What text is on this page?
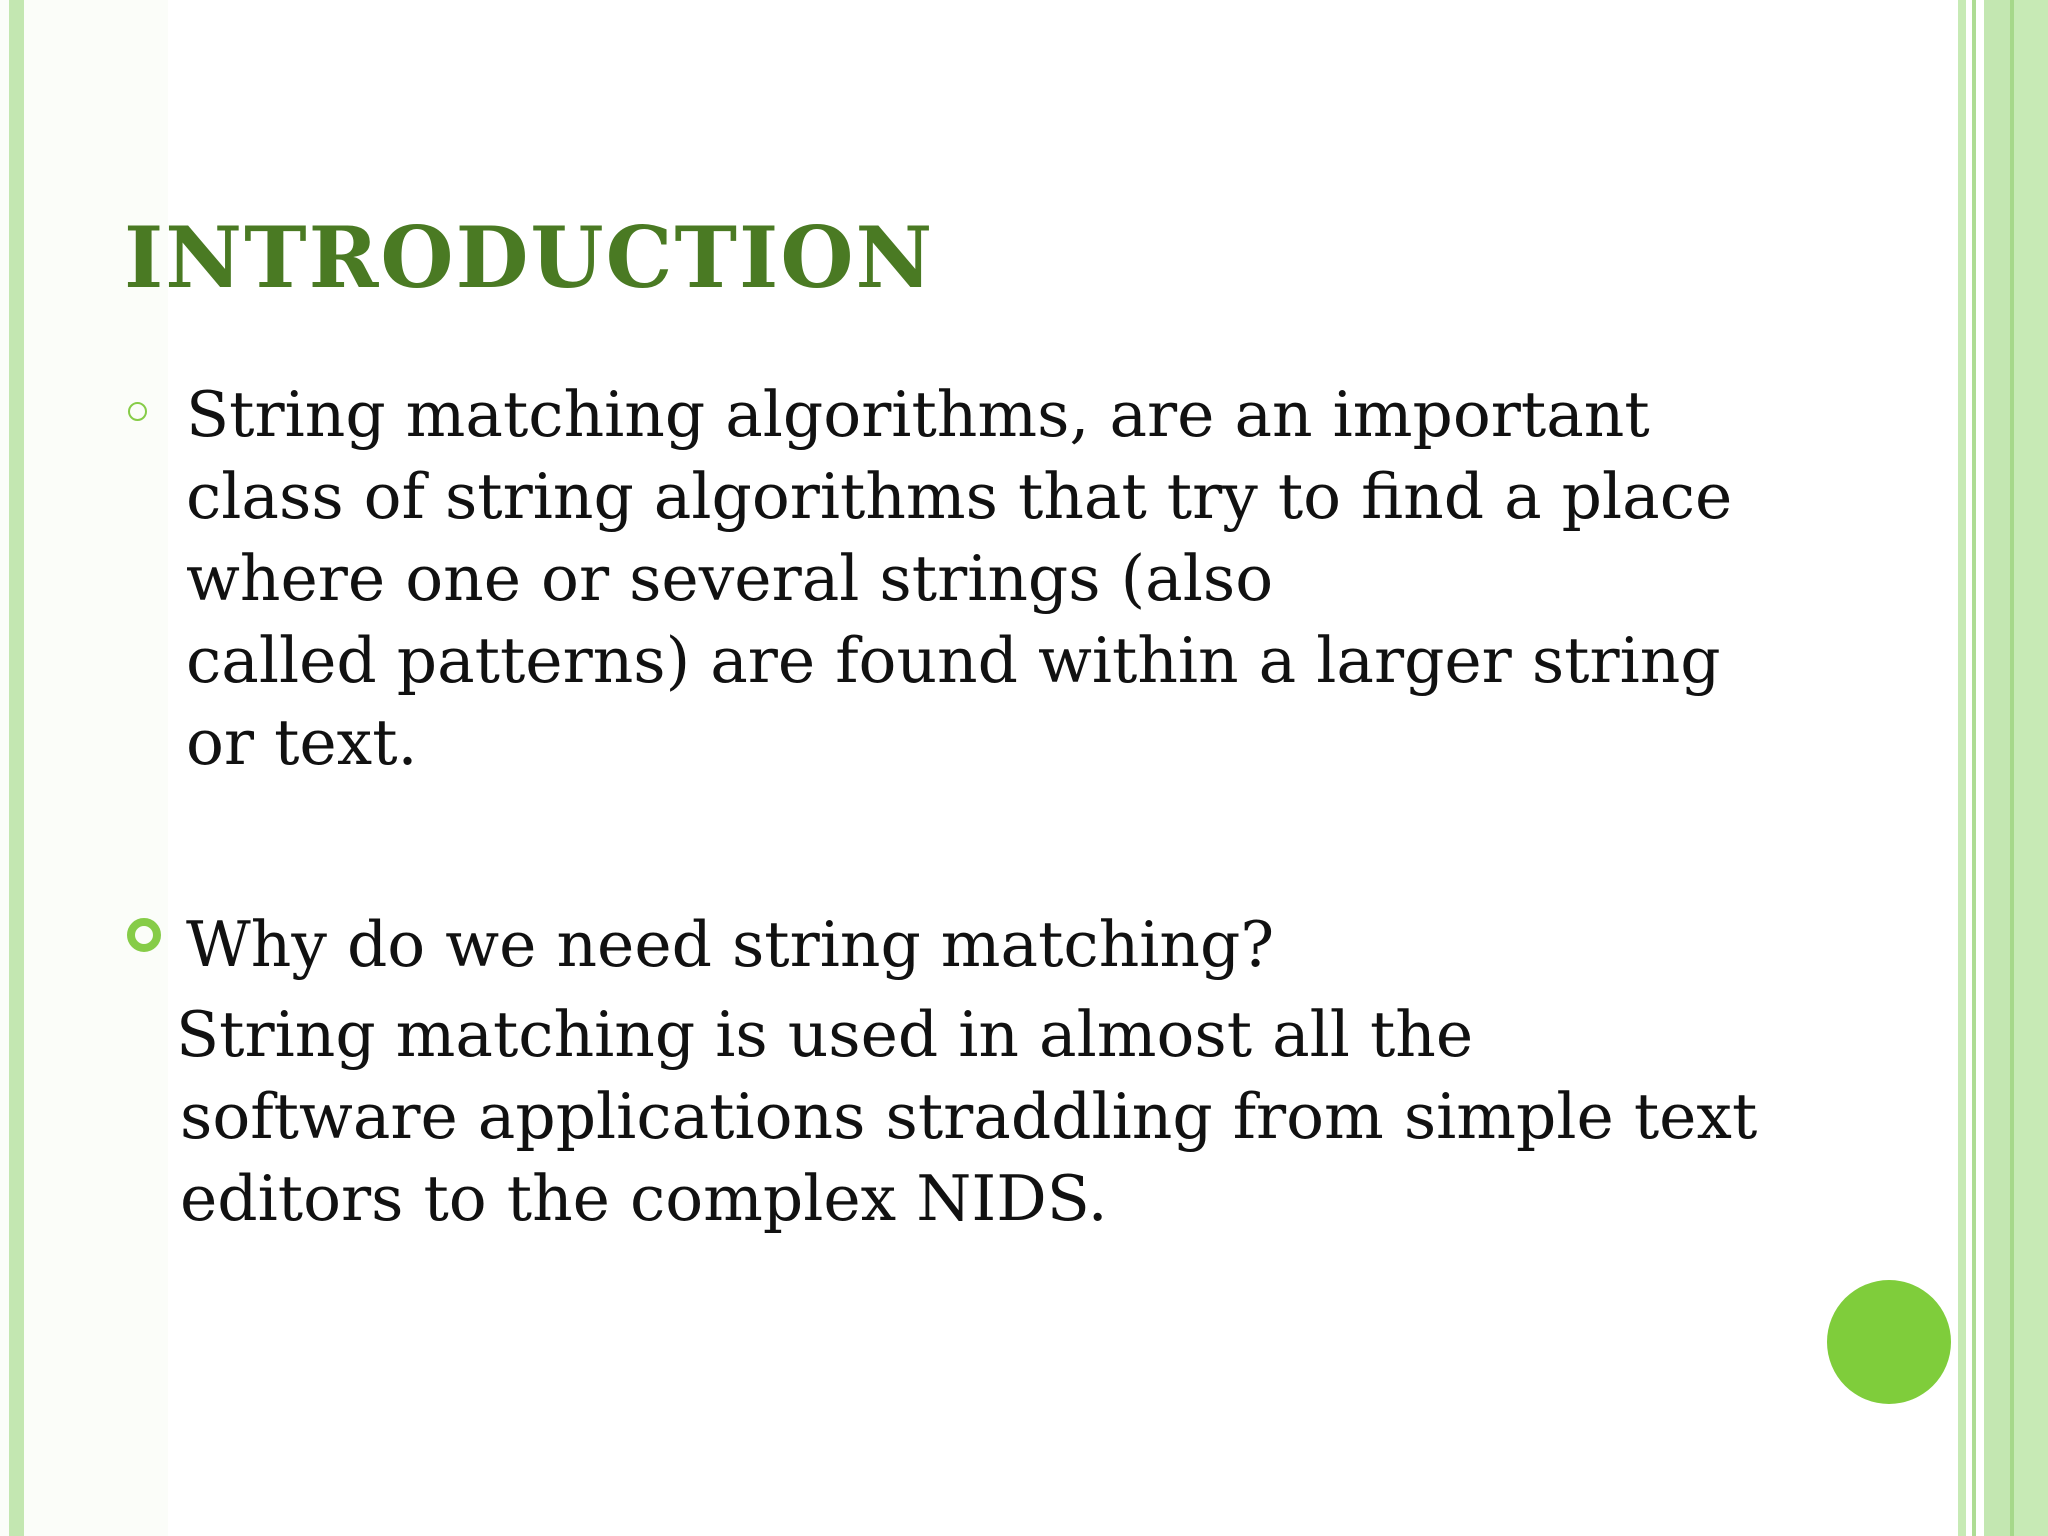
INTRODUCTION

String matching algorithms, are an important
class of string algorithms that try to find a place
where one or several strings (also
called patterns) are found within a larger string
or text.

Why do we need string matching?

String matching is used in almost all the
software applications straddling from simple text
editors to the complex NIDS.
